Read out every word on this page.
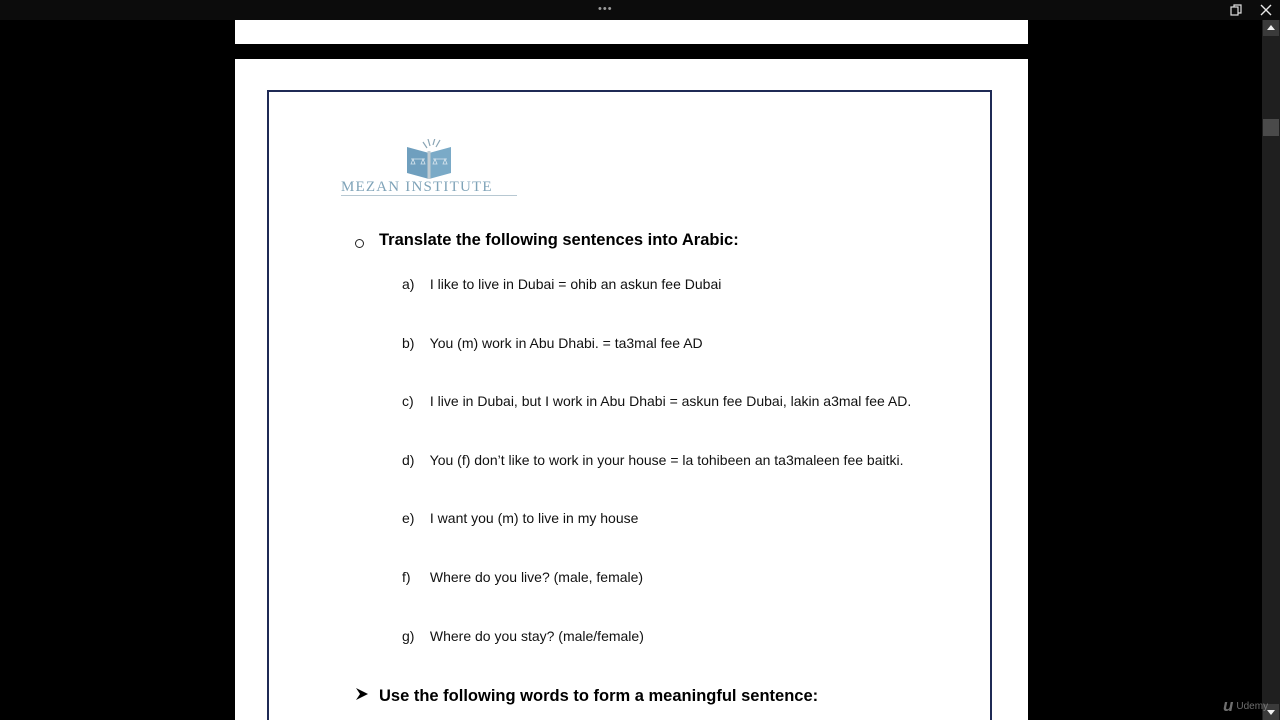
•••
MEZAN INSTITUTE
Translate the following sentences into Arabic:
a) I like to live in Dubai = ohib an askun fee Dubai
b) You (m) work in Abu Dhabi. = ta3mal fee AD
c) I live in Dubai, but I work in Abu Dhabi = askun fee Dubai, lakin a3mal fee AD.
d) You (f) don’t like to work in your house = la tohibeen an ta3maleen fee baitki.
e) I want you (m) to live in my house
f) Where do you live? (male, female)
g) Where do you stay? (male/female)
Use the following words to form a meaningful sentence:	u Udemy
